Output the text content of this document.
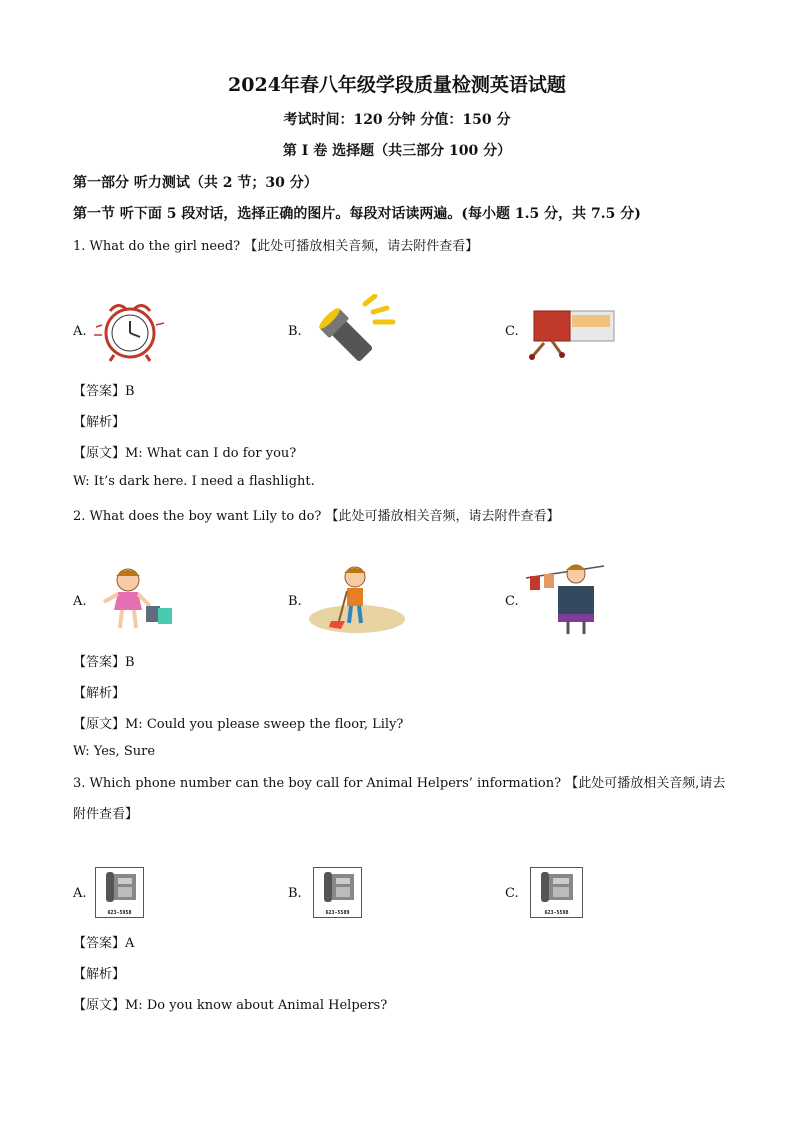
2024年春八年级学段质量检测英语试题
考试时间：120 分钟 分值：150 分
第 I 卷 选择题（共三部分 100 分）
第一部分 听力测试（共 2 节；30 分）
第一节 听下面 5 段对话，选择正确的图片。每段对话读两遍。(每小题 1.5 分，共 7.5 分)
1. What do the girl need? 【此处可播放相关音频，请去附件查看】
A.	B.	C.
【答案】B
【解析】
【原文】M: What can I do for you?
W: It’s dark here. I need a flashlight.
2. What does the boy want Lily to do? 【此处可播放相关音频，请去附件查看】
A.	B.	C.
【答案】B
【解析】
【原文】M: Could you please sweep the floor, Lily?
W: Yes, Sure
3. Which phone number can the boy call for Animal Helpers’ information? 【此处可播放相关音频,请去附件查看】
A.
623-5958
B.
623-5589
C.
623-5598
【答案】A
【解析】
【原文】M: Do you know about Animal Helpers?
